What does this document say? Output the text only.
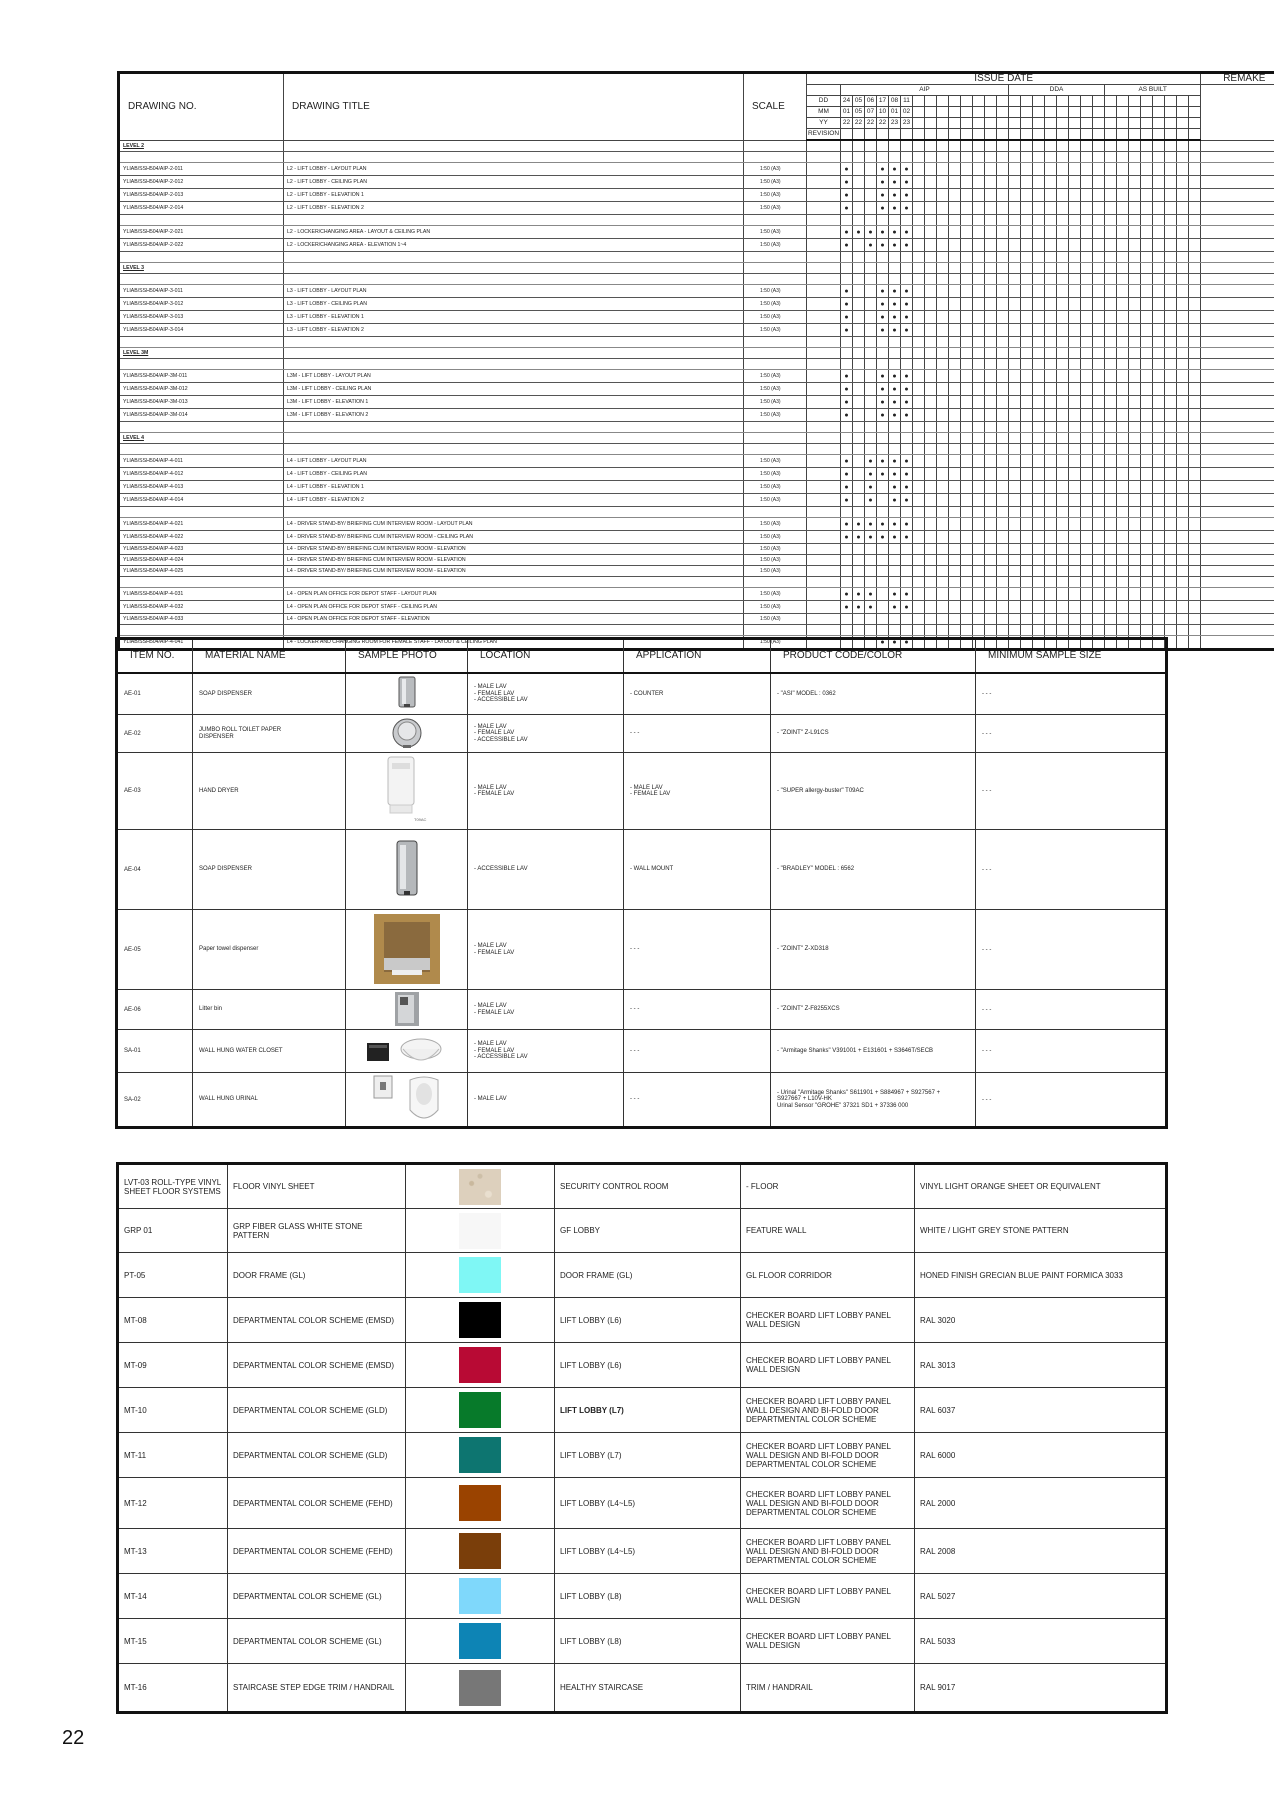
DRAWING NO.	DRAWING TITLE	SCALE	ISSUE DATE																															REMAKE
				AIP														DDA								AS BUILT								
			DD	24	05	06	17	08	11																									
			MM	01	05	07	10	01	02																									
			YY	22	22	22	22	23	23																									
			REVISION																															
LEVEL 2																																		

YLIAB/SSH504/AIP-2-011	L2 - LIFT LOBBY - LAYOUT PLAN	1:50 (A3)		●			●	●	●																									
YLIAB/SSH504/AIP-2-012	L2 - LIFT LOBBY - CEILING PLAN	1:50 (A3)		●			●	●	●																									
YLIAB/SSH504/AIP-2-013	L2 - LIFT LOBBY - ELEVATION 1	1:50 (A3)		●			●	●	●																									
YLIAB/SSH504/AIP-2-014	L2 - LIFT LOBBY - ELEVATION 2	1:50 (A3)		●			●	●	●																									

YLIAB/SSH504/AIP-2-021	L2 - LOCKER/CHANGING AREA - LAYOUT & CEILING PLAN	1:50 (A3)		●	●	●	●	●	●																									
YLIAB/SSH504/AIP-2-022	L2 - LOCKER/CHANGING AREA - ELEVATION 1~4	1:50 (A3)		●		●	●	●	●																									

LEVEL 3																																		

YLIAB/SSH504/AIP-3-011	L3 - LIFT LOBBY - LAYOUT PLAN	1:50 (A3)		●			●	●	●																									
YLIAB/SSH504/AIP-3-012	L3 - LIFT LOBBY - CEILING PLAN	1:50 (A3)		●			●	●	●																									
YLIAB/SSH504/AIP-3-013	L3 - LIFT LOBBY - ELEVATION 1	1:50 (A3)		●			●	●	●																									
YLIAB/SSH504/AIP-3-014	L3 - LIFT LOBBY - ELEVATION 2	1:50 (A3)		●			●	●	●																									

LEVEL 3M																																		

YLIAB/SSH504/AIP-3M-011	L3M - LIFT LOBBY - LAYOUT PLAN	1:50 (A3)		●			●	●	●																									
YLIAB/SSH504/AIP-3M-012	L3M - LIFT LOBBY - CEILING PLAN	1:50 (A3)		●			●	●	●																									
YLIAB/SSH504/AIP-3M-013	L3M - LIFT LOBBY - ELEVATION 1	1:50 (A3)		●			●	●	●																									
YLIAB/SSH504/AIP-3M-014	L3M - LIFT LOBBY - ELEVATION 2	1:50 (A3)		●			●	●	●																									

LEVEL 4																																		

YLIAB/SSH504/AIP-4-011	L4 - LIFT LOBBY - LAYOUT PLAN	1:50 (A3)		●		●	●	●	●																									
YLIAB/SSH504/AIP-4-012	L4 - LIFT LOBBY - CEILING PLAN	1:50 (A3)		●		●	●	●	●																									
YLIAB/SSH504/AIP-4-013	L4 - LIFT LOBBY - ELEVATION 1	1:50 (A3)		●		●		●	●																									
YLIAB/SSH504/AIP-4-014	L4 - LIFT LOBBY - ELEVATION 2	1:50 (A3)		●		●		●	●																									

YLIAB/SSH504/AIP-4-021	L4 - DRIVER STAND-BY/ BRIEFING CUM INTERVIEW ROOM - LAYOUT PLAN	1:50 (A3)		●	●	●	●	●	●																									
YLIAB/SSH504/AIP-4-022	L4 - DRIVER STAND-BY/ BRIEFING CUM INTERVIEW ROOM - CEILING PLAN	1:50 (A3)		●	●	●	●	●	●																									
YLIAB/SSH504/AIP-4-023	L4 - DRIVER STAND-BY/ BRIEFING CUM INTERVIEW ROOM - ELEVATION	1:50 (A3)																																
YLIAB/SSH504/AIP-4-024	L4 - DRIVER STAND-BY/ BRIEFING CUM INTERVIEW ROOM - ELEVATION	1:50 (A3)																																
YLIAB/SSH504/AIP-4-025	L4 - DRIVER STAND-BY/ BRIEFING CUM INTERVIEW ROOM - ELEVATION	1:50 (A3)																																

YLIAB/SSH504/AIP-4-031	L4 - OPEN PLAN OFFICE FOR DEPOT STAFF - LAYOUT PLAN	1:50 (A3)		●	●	●		●	●																									
YLIAB/SSH504/AIP-4-032	L4 - OPEN PLAN OFFICE FOR DEPOT STAFF - CEILING PLAN	1:50 (A3)		●	●	●		●	●																									
YLIAB/SSH504/AIP-4-033	L4 - OPEN PLAN OFFICE FOR DEPOT STAFF - ELEVATION	1:50 (A3)																																

YLIAB/SSH504/AIP-4-041	L4 - LOCKER AND CHANGING ROOM FOR FEMALE STAFF - LAYOUT & CEILING PLAN	1:50 (A3)					●	●	●																									
ITEM NO.	MATERIAL NAME	SAMPLE PHOTO	LOCATION	APPLICATION	PRODUCT CODE/COLOR	MINIMUM SAMPLE SIZE
AE-01	SOAP DISPENSER		- MALE LAV
- FEMALE LAV
- ACCESSIBLE LAV	- COUNTER	- "ASI" MODEL : 0362	- - -
AE-02	JUMBO ROLL TOILET PAPER
DISPENSER		- MALE LAV
- FEMALE LAV
- ACCESSIBLE LAV	- - -	- "ZOINT" Z-L91CS	- - -
AE-03	HAND DRYER	T09AC	- MALE LAV
- FEMALE LAV	- MALE LAV
- FEMALE LAV	- "SUPER allergy-buster" T09AC	- - -
AE-04	SOAP DISPENSER		- ACCESSIBLE LAV	- WALL MOUNT	- "BRADLEY" MODEL : 6562	- - -
AE-05	Paper towel dispenser		- MALE LAV
- FEMALE LAV	- - -	- "ZOINT" Z-XD318	- - -
AE-06	Litter bin		- MALE LAV
- FEMALE LAV	- - -	- "ZOINT" Z-F8255XCS	- - -
SA-01	WALL HUNG WATER CLOSET		- MALE LAV
- FEMALE LAV
- ACCESSIBLE LAV	- - -	- "Armitage Shanks" V391001 + E131601 + S3646T/SECB	- - -
SA-02	WALL HUNG URINAL		- MALE LAV	- - -	- Urinal "Armitage Shanks" S611901 + S884967 + S927567 +
S927667 + L10V-HK
Urinal Sensor "GROHE" 37321 SD1 + 37336 000	- - -
LVT-03 ROLL-TYPE VINYL SHEET FLOOR SYSTEMS	FLOOR VINYL SHEET		SECURITY CONTROL ROOM	- FLOOR	VINYL LIGHT ORANGE SHEET OR EQUIVALENT
GRP 01	GRP FIBER GLASS WHITE STONE PATTERN		GF LOBBY	FEATURE WALL	WHITE / LIGHT GREY STONE PATTERN
PT-05	DOOR FRAME (GL)		DOOR FRAME (GL)	GL FLOOR CORRIDOR	HONED FINISH GRECIAN BLUE PAINT FORMICA 3033
MT-08	DEPARTMENTAL COLOR SCHEME (EMSD)		LIFT LOBBY (L6)	CHECKER BOARD LIFT LOBBY PANEL WALL DESIGN	RAL 3020
MT-09	DEPARTMENTAL COLOR SCHEME (EMSD)		LIFT LOBBY (L6)	CHECKER BOARD LIFT LOBBY PANEL WALL DESIGN	RAL 3013
MT-10	DEPARTMENTAL COLOR SCHEME (GLD)		LIFT LOBBY (L7)	CHECKER BOARD LIFT LOBBY PANEL WALL DESIGN AND BI-FOLD DOOR DEPARTMENTAL COLOR SCHEME	RAL 6037
MT-11	DEPARTMENTAL COLOR SCHEME (GLD)		LIFT LOBBY (L7)	CHECKER BOARD LIFT LOBBY PANEL WALL DESIGN AND BI-FOLD DOOR DEPARTMENTAL COLOR SCHEME	RAL 6000
MT-12	DEPARTMENTAL COLOR SCHEME (FEHD)		LIFT LOBBY (L4~L5)	CHECKER BOARD LIFT LOBBY PANEL WALL DESIGN AND BI-FOLD DOOR DEPARTMENTAL COLOR SCHEME	RAL 2000
MT-13	DEPARTMENTAL COLOR SCHEME (FEHD)		LIFT LOBBY (L4~L5)	CHECKER BOARD LIFT LOBBY PANEL WALL DESIGN AND BI-FOLD DOOR DEPARTMENTAL COLOR SCHEME	RAL 2008
MT-14	DEPARTMENTAL COLOR SCHEME (GL)		LIFT LOBBY (L8)	CHECKER BOARD LIFT LOBBY PANEL WALL DESIGN	RAL 5027
MT-15	DEPARTMENTAL COLOR SCHEME (GL)		LIFT LOBBY (L8)	CHECKER BOARD LIFT LOBBY PANEL WALL DESIGN	RAL 5033
MT-16	STAIRCASE STEP EDGE TRIM / HANDRAIL		HEALTHY STAIRCASE	TRIM / HANDRAIL	RAL 9017
22
